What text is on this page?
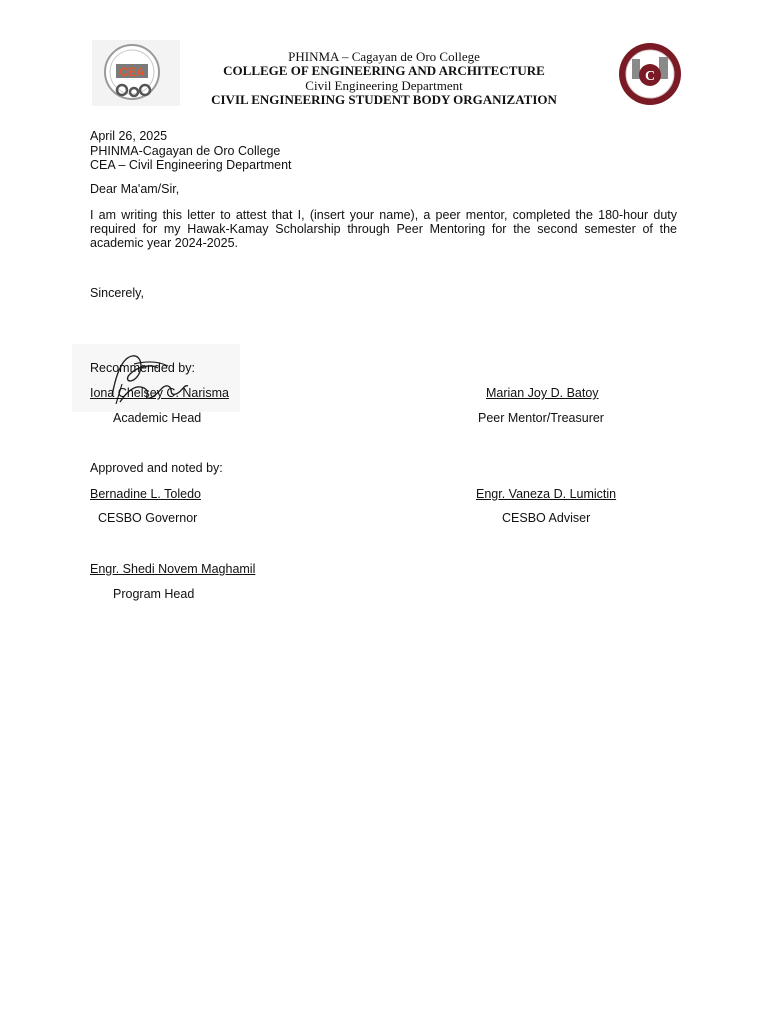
CEA	C
PHINMA – Cagayan de Oro College
COLLEGE OF ENGINEERING AND ARCHITECTURE
Civil Engineering Department
CIVIL ENGINEERING STUDENT BODY ORGANIZATION
April 26, 2025
PHINMA-Cagayan de Oro College
CEA – Civil Engineering Department
Dear Ma'am/Sir,
I am writing this letter to attest that I, (insert your name), a peer mentor, completed the 180-hour duty required for my Hawak-Kamay Scholarship through Peer Mentoring for the second semester of the academic year 2024-2025.
Sincerely,
Recommended by:
Iona Chelsey C. Narisma
Academic Head
Marian Joy D. Batoy
Peer Mentor/Treasurer
Approved and noted by:
Bernadine L. Toledo
CESBO Governor
Engr. Vaneza D. Lumictin
CESBO Adviser
Engr. Shedi Novem Maghamil
Program Head
